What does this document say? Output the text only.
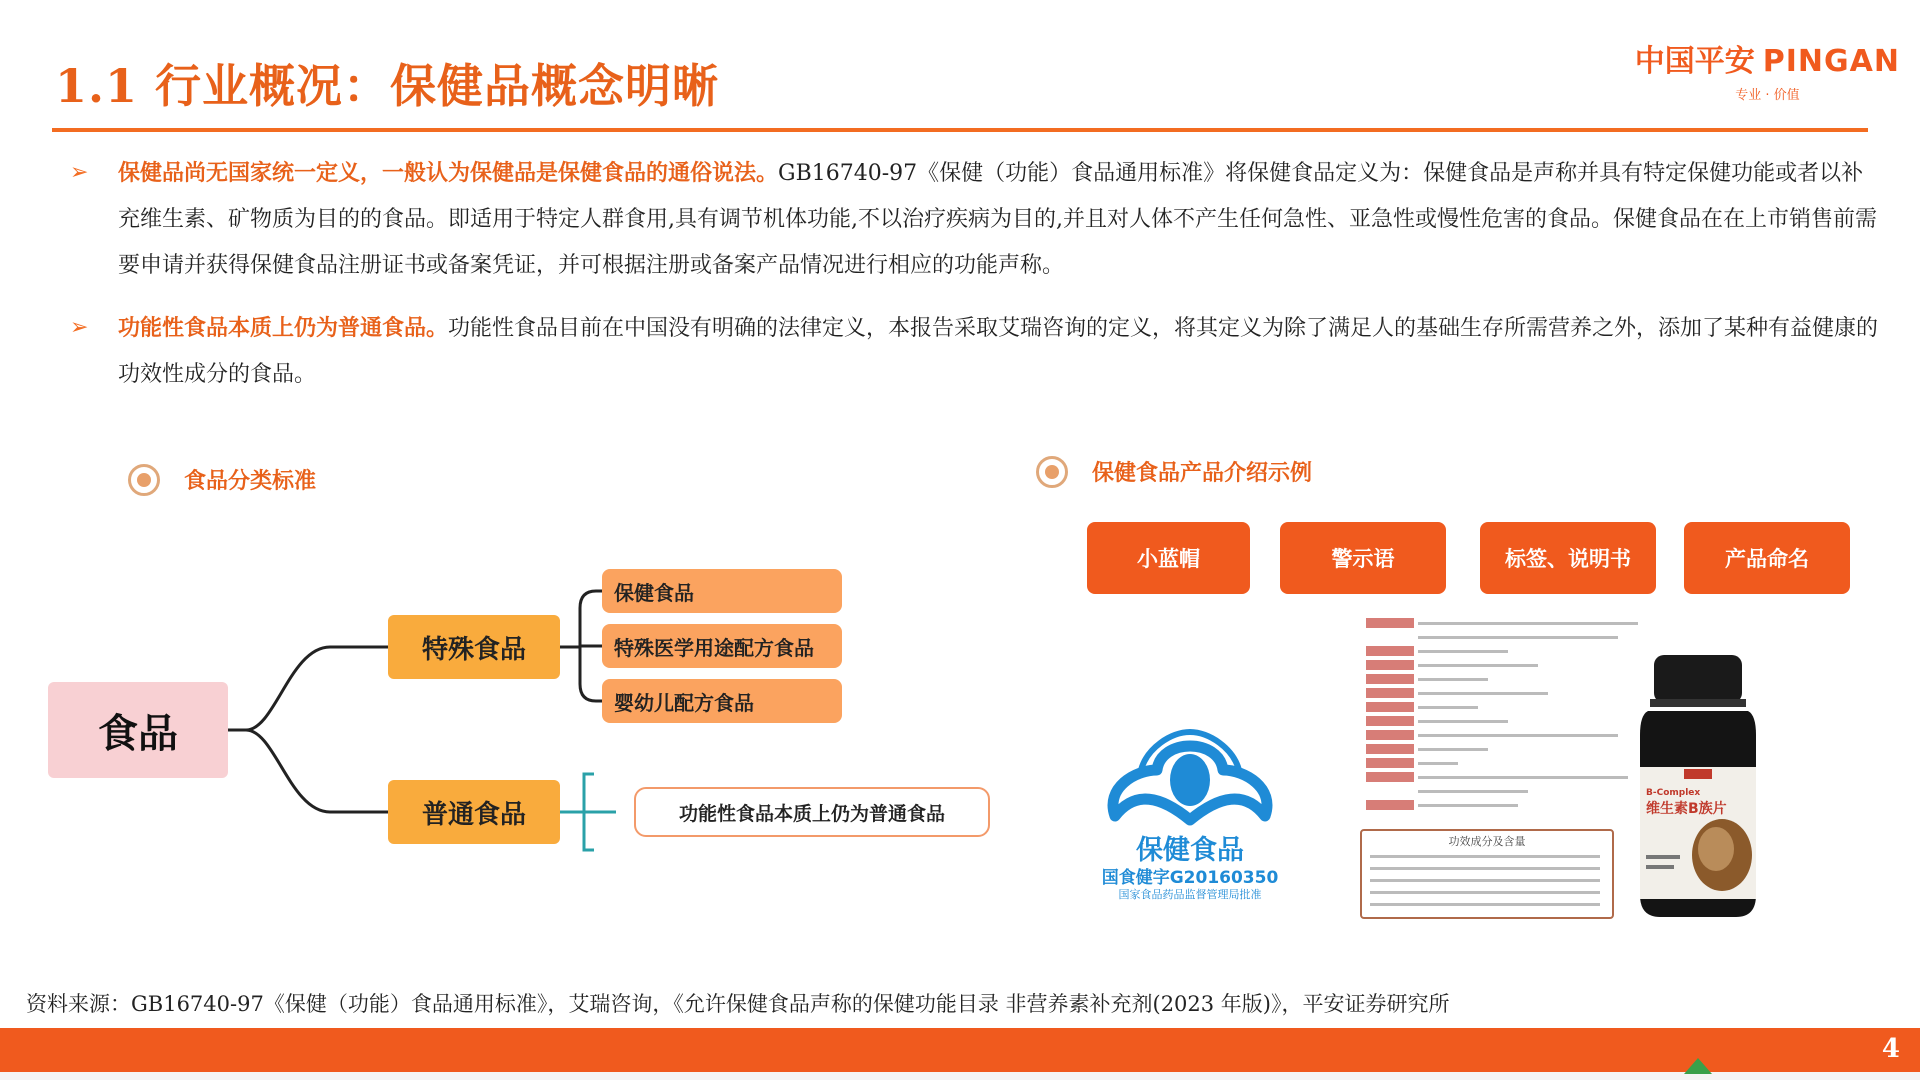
1.1 行业概况：保健品概念明晰	中国平安 PINGAN
专业 · 价值
➢ 保健品尚无国家统一定义，一般认为保健品是保健食品的通俗说法。GB16740-97《保健（功能）食品通用标准》将保健食品定义为：保健食品是声称并具有特定保健功能或者以补充维生素、矿物质为目的的食品。即适用于特定人群食用,具有调节机体功能,不以治疗疾病为目的,并且对人体不产生任何急性、亚急性或慢性危害的食品。保健食品在在上市销售前需要申请并获得保健食品注册证书或备案凭证，并可根据注册或备案产品情况进行相应的功能声称。
➢ 功能性食品本质上仍为普通食品。功能性食品目前在中国没有明确的法律定义，本报告采取艾瑞咨询的定义，将其定义为除了满足人的基础生存所需营养之外，添加了某种有益健康的功效性成分的食品。
食品分类标准
食品
特殊食品
普通食品
保健食品
特殊医学用途配方食品
婴幼儿配方食品
功能性食品本质上仍为普通食品
保健食品产品介绍示例
小蓝帽	警示语	标签、说明书	产品命名
保健食品
国食健字G20160350
国家食品药品监督管理局批准
功效成分及含量
B-Complex
维生素B族片
资料来源：GB16740-97《保健（功能）食品通用标准》，艾瑞咨询，《允许保健食品声称的保健功能目录 非营养素补充剂(2023 年版)》，平安证券研究所
4
